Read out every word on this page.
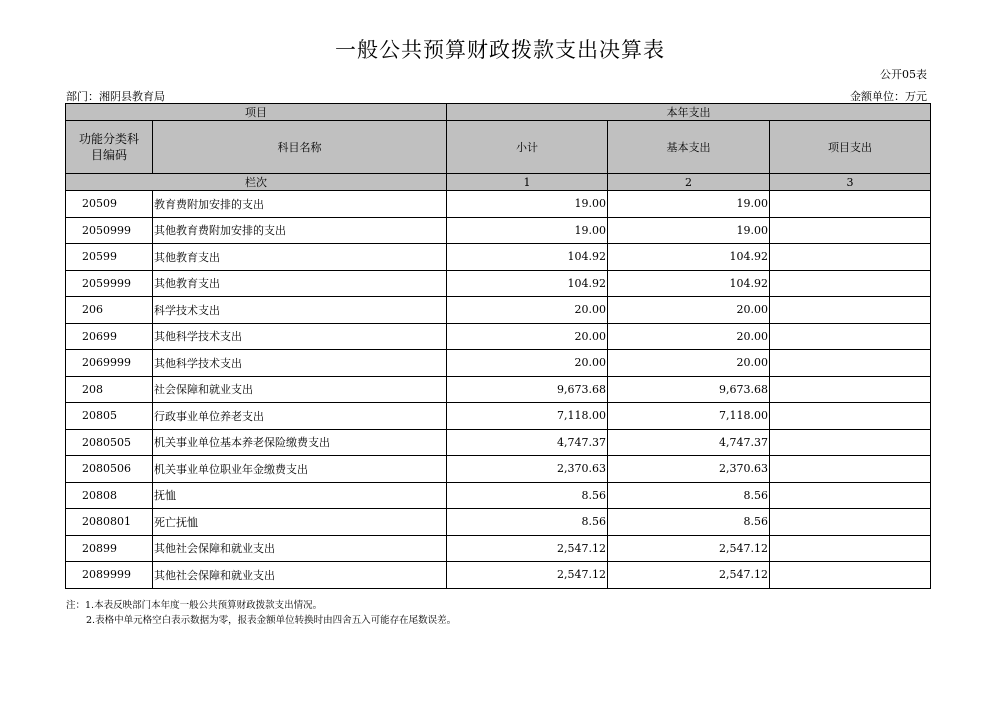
一般公共预算财政拨款支出决算表
公开05表
部门：湘阴县教育局	金额单位：万元
项目		本年支出		
功能分类科目编码	科目名称	小计	基本支出	项目支出
栏次		1	2	3
20509	教育费附加安排的支出	19.00	19.00	
2050999	其他教育费附加安排的支出	19.00	19.00	
20599	其他教育支出	104.92	104.92	
2059999	其他教育支出	104.92	104.92	
206	科学技术支出	20.00	20.00	
20699	其他科学技术支出	20.00	20.00	
2069999	其他科学技术支出	20.00	20.00	
208	社会保障和就业支出	9,673.68	9,673.68	
20805	行政事业单位养老支出	7,118.00	7,118.00	
2080505	机关事业单位基本养老保险缴费支出	4,747.37	4,747.37	
2080506	机关事业单位职业年金缴费支出	2,370.63	2,370.63	
20808	抚恤	8.56	8.56	
2080801	死亡抚恤	8.56	8.56	
20899	其他社会保障和就业支出	2,547.12	2,547.12	
2089999	其他社会保障和就业支出	2,547.12	2,547.12	
注：1.本表反映部门本年度一般公共预算财政拨款支出情况。
2.表格中单元格空白表示数据为零，报表金额单位转换时由四舍五入可能存在尾数误差。
